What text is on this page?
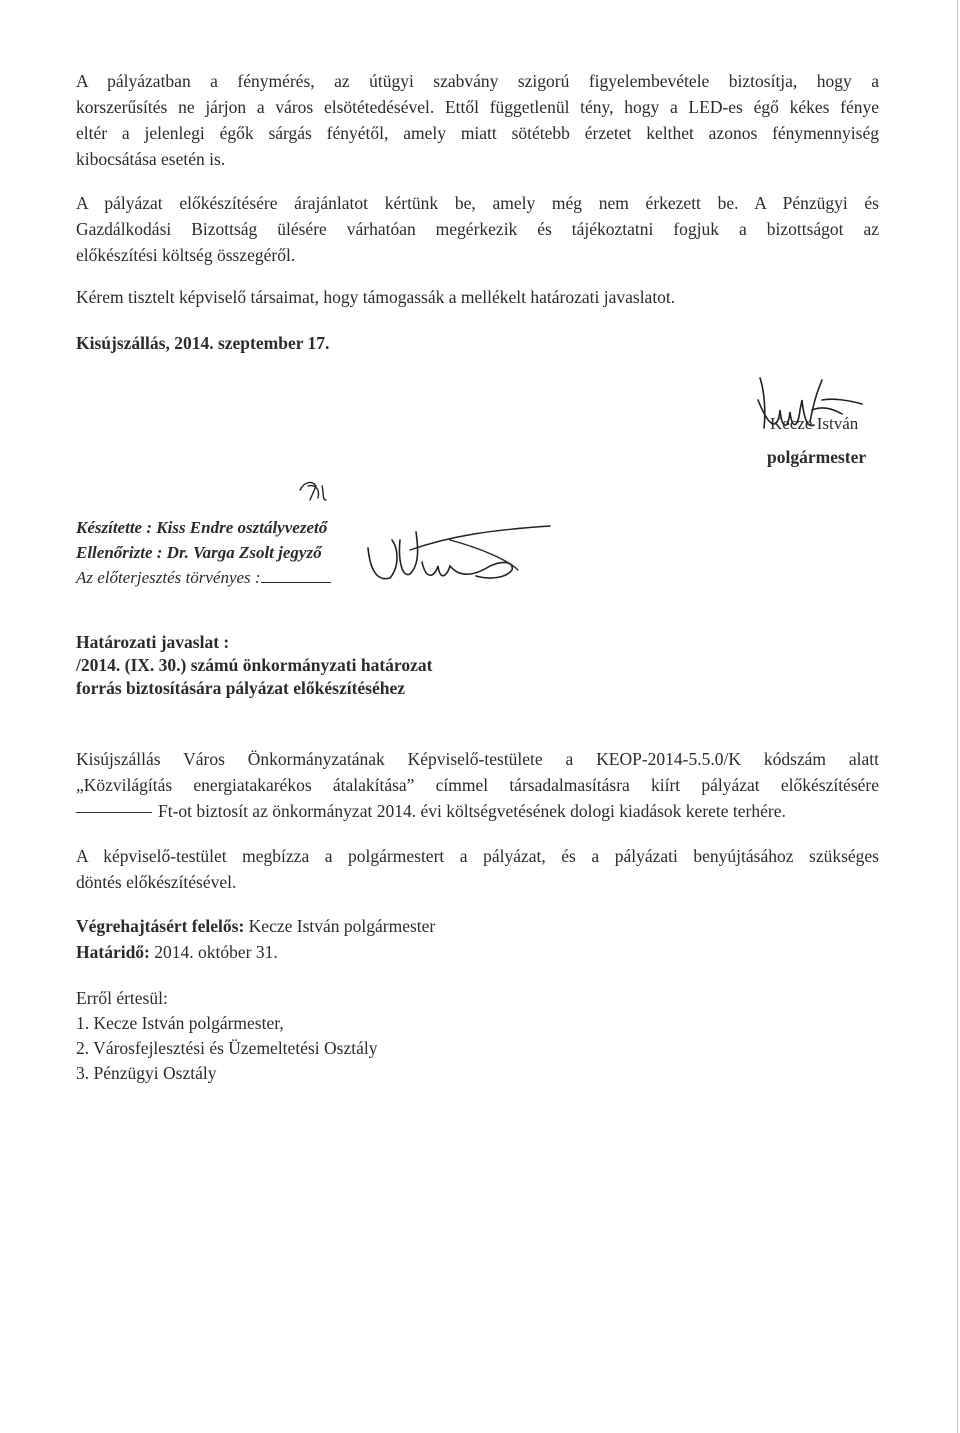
A pályázatban a fénymérés, az útügyi szabvány szigorú figyelembevétele biztosítja, hogy a
korszerűsítés ne járjon a város elsötétedésével. Ettől függetlenül tény, hogy a LED-es égő kékes fénye
eltér a jelenlegi égők sárgás fényétől, amely miatt sötétebb érzetet kelthet azonos fénymennyiség
kibocsátása esetén is.
A pályázat előkészítésére árajánlatot kértünk be, amely még nem érkezett be. A Pénzügyi és
Gazdálkodási Bizottság ülésére várhatóan megérkezik és tájékoztatni fogjuk a bizottságot az
előkészítési költség összegéről.
Kérem tisztelt képviselő társaimat, hogy támogassák a mellékelt határozati javaslatot.
Kisújszállás, 2014. szeptember 17.
Kecze István
polgármester
Készítette : Kiss Endre osztályvezető
Ellenőrizte : Dr. Varga Zsolt jegyző
Az előterjesztés törvényes :
Határozati javaslat :
/2014. (IX. 30.) számú önkormányzati határozat
forrás biztosítására pályázat előkészítéséhez
Kisújszállás Város Önkormányzatának Képviselő-testülete a KEOP-2014-5.5.0/K kódszám alatt
„Közvilágítás energiatakarékos átalakítása” címmel társadalmasításra kiírt pályázat előkészítésére
Ft-ot biztosít az önkormányzat 2014. évi költségvetésének dologi kiadások kerete terhére.
A képviselő-testület megbízza a polgármestert a pályázat, és a pályázati benyújtásához szükséges
döntés előkészítésével.
Végrehajtásért felelős: Kecze István polgármester
Határidő: 2014. október 31.
Erről értesül:
1. Kecze István polgármester,
2. Városfejlesztési és Üzemeltetési Osztály
3. Pénzügyi Osztály
